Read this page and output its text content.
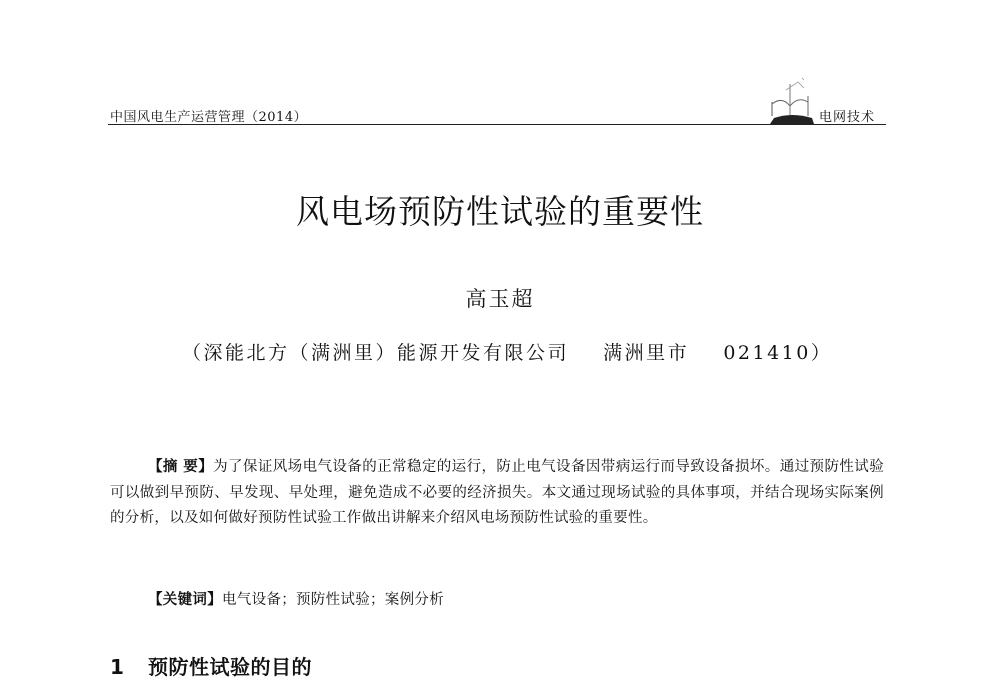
中国风电生产运营管理（2014）	电网技术
风电场预防性试验的重要性
高玉超
（深能北方（满洲里）能源开发有限公司    满洲里市    021410）
【摘 要】为了保证风场电气设备的正常稳定的运行，防止电气设备因带病运行而导致设备损坏。通过预防性试验可以做到早预防、早发现、早处理，避免造成不必要的经济损失。本文通过现场试验的具体事项，并结合现场实际案例的分析，以及如何做好预防性试验工作做出讲解来介绍风电场预防性试验的重要性。
【关键词】电气设备；预防性试验；案例分析
1 预防性试验的目的
